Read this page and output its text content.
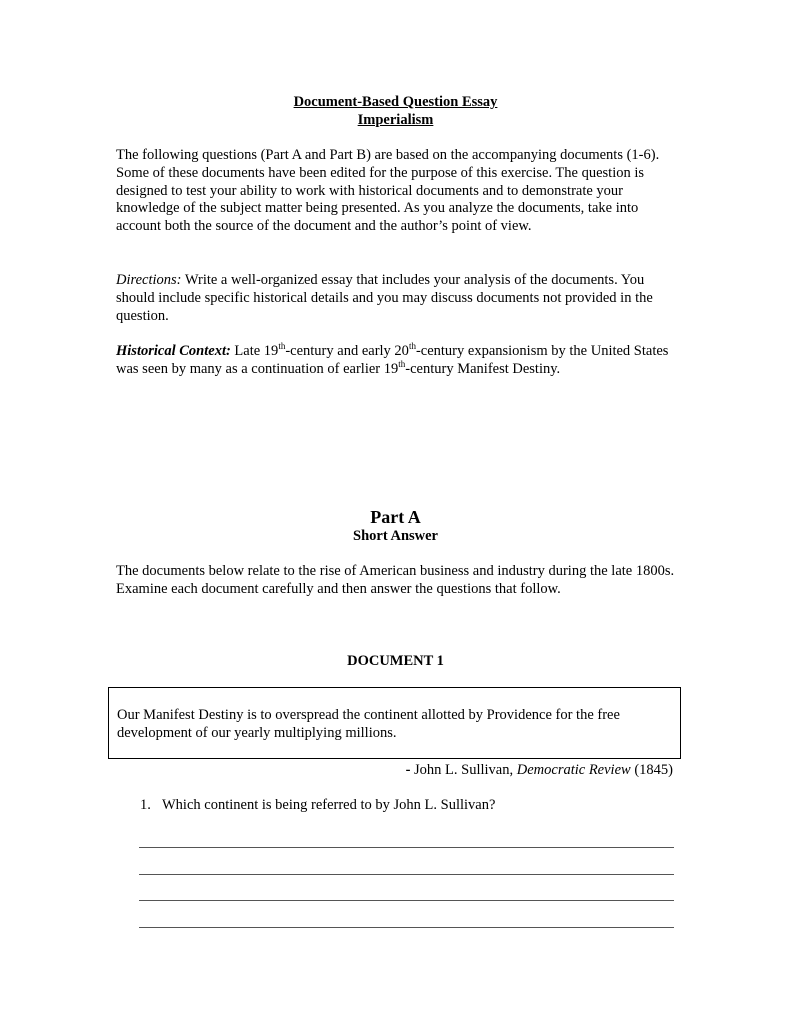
Document-Based Question Essay
Imperialism
The following questions (Part A and Part B) are based on the accompanying documents (1-6). Some of these documents have been edited for the purpose of this exercise. The question is designed to test your ability to work with historical documents and to demonstrate your knowledge of the subject matter being presented. As you analyze the documents, take into account both the source of the document and the author’s point of view.
Directions: Write a well-organized essay that includes your analysis of the documents. You should include specific historical details and you may discuss documents not provided in the question.
Historical Context: Late 19th-century and early 20th-century expansionism by the United States was seen by many as a continuation of earlier 19th-century Manifest Destiny.
Part A
Short Answer
The documents below relate to the rise of American business and industry during the late 1800s. Examine each document carefully and then answer the questions that follow.
DOCUMENT 1
Our Manifest Destiny is to overspread the continent allotted by Providence for the free development of our yearly multiplying millions.
- John L. Sullivan, Democratic Review (1845)
1. Which continent is being referred to by John L. Sullivan?
